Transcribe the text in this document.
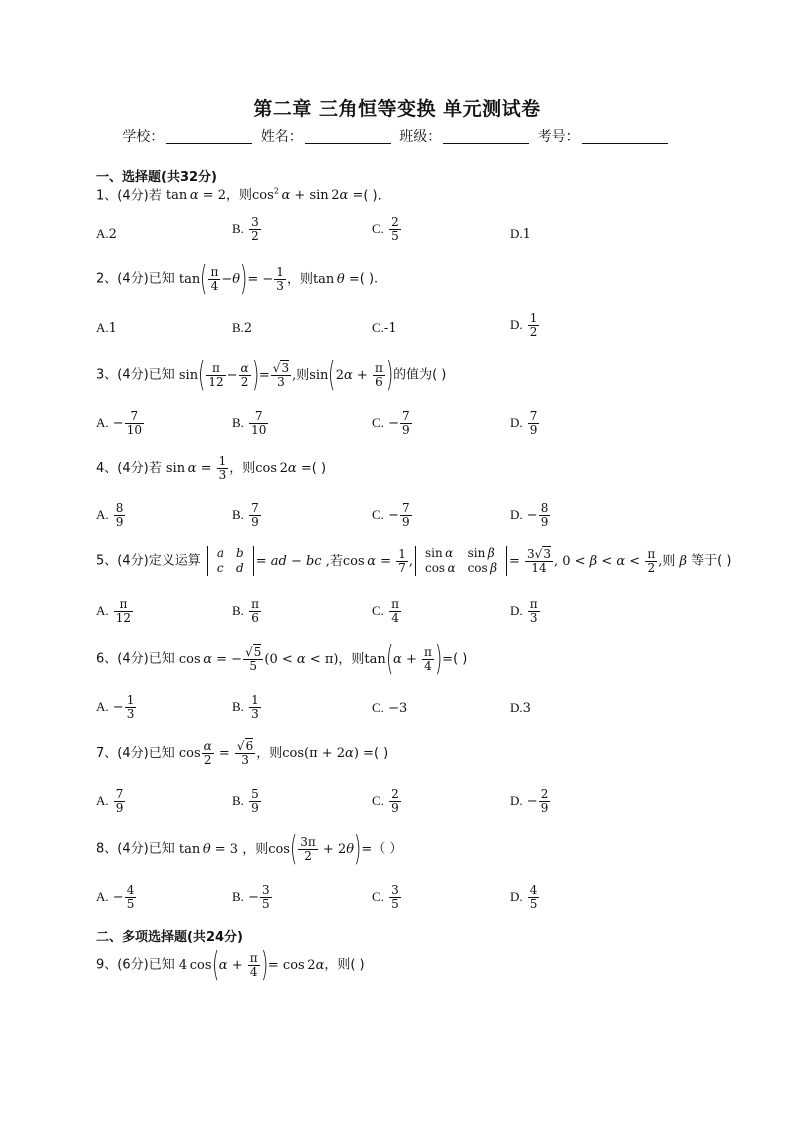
第二章 三角恒等变换 单元测试卷
学校：	姓名：	班级：	考号：
一、选择题(共32分)
1、(4分)若 tan α = 2，则$\cos^2 \alpha + \sin 2\alpha$ =( ).
A.2	B. $\frac{3}{2}$	C. $\frac{2}{5}$	D.1
2、(4分)已知 $\tan( \frac{\pi}{4} -\theta)= - \frac{1}{3}$ ，则tan θ =( ).
A.1	B.2	C.-1	D. $\frac{1}{2}$
3、(4分)已知 $\sin( \frac{\pi}{12} - \frac{\alpha}{2}$ )= $\frac{√3}{3}$ ,则$\sin(2\alpha + \frac{\pi}{6}$ )的值为( )
A. − $\frac{7}{10}$	B. $\frac{7}{10}$	C. − $\frac{7}{9}$	D. $\frac{7}{9}$
4、(4分)若 $\sin \alpha = \frac{1}{3}$ ，则cos 2α =( )
A. $\frac{8}{9}$	B. $\frac{7}{9}$	C. − $\frac{7}{9}$	D. − $\frac{8}{9}$
5、(4分)定义运算 a	b
c	d = ad − bc ,若$\cos \alpha = \frac{1}{7} ,\sin$ α	sin β
cos α	$\cos \beta = \frac{3√3}{14}$ , $0 < \beta < \alpha < \frac{\pi}{2}$ ,则 β 等于( )
A. $\frac{\pi}{12}$	B. $\frac{\pi}{6}$	C. $\frac{\pi}{4}$	D. $\frac{\pi}{3}$
6、(4分)已知 cos α = − $\frac{√5}{5} (0 < \alpha < \pi)$，则$\tan(\alpha + \frac{\pi}{4}$ )=( )
A. − $\frac{1}{3}$	B. $\frac{1}{3}$	C. −3	D.3
7、(4分)已知 $\cos \frac{\alpha}{2} = \frac{√6}{3}$ ，则cos(π + 2α) =( )
A. $\frac{7}{9}$	B. $\frac{5}{9}$	C. $\frac{2}{9}$	D. − $\frac{2}{9}$
8、(4分)已知 tan θ = 3 ，则$\cos( \frac{3\pi}{2} + 2\theta)=$（ ）
A. − $\frac{4}{5}$	B. − $\frac{3}{5}$	C. $\frac{3}{5}$	D. $\frac{4}{5}$
二、多项选择题(共24分)
9、(6分)已知 4 $\cos(\alpha + \frac{\pi}{4}$ )= cos 2α，则( )
